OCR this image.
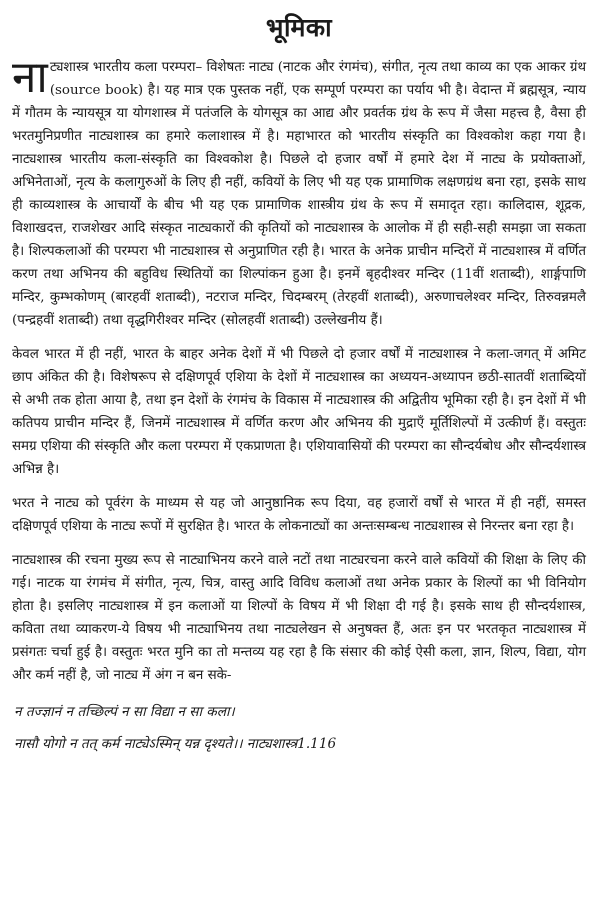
भूमिका

नाट्यशास्त्र भारतीय कला परम्परा– विशेषतः नाट्य (नाटक और रंगमंच), संगीत, नृत्य तथा काव्य का एक आकर ग्रंथ (source book) है। यह मात्र एक पुस्तक नहीं, एक सम्पूर्ण परम्परा का पर्याय भी है। वेदान्त में ब्रह्मसूत्र, न्याय में गौतम के न्यायसूत्र या योगशास्त्र में पतंजलि के योगसूत्र का आद्य और प्रवर्तक ग्रंथ के रूप में जैसा महत्त्व है, वैसा ही भरतमुनिप्रणीत नाट्यशास्त्र का हमारे कलाशास्त्र में है। महाभारत को भारतीय संस्कृति का विश्वकोश कहा गया है। नाट्यशास्त्र भारतीय कला-संस्कृति का विश्वकोश है। पिछले दो हजार वर्षों में हमारे देश में नाट्य के प्रयोक्ताओं, अभिनेताओं, नृत्य के कलागुरुओं के लिए ही नहीं, कवियों के लिए भी यह एक प्रामाणिक लक्षणग्रंथ बना रहा, इसके साथ ही काव्यशास्त्र के आचार्यों के बीच भी यह एक प्रामाणिक शास्त्रीय ग्रंथ के रूप में समादृत रहा। कालिदास, शूद्रक, विशाखदत्त, राजशेखर आदि संस्कृत नाट्यकारों की कृतियों को नाट्यशास्त्र के आलोक में ही सही-सही समझा जा सकता है। शिल्पकलाओं की परम्परा भी नाट्यशास्त्र से अनुप्राणित रही है। भारत के अनेक प्राचीन मन्दिरों में नाट्यशास्त्र में वर्णित करण तथा अभिनय की बहुविध स्थितियों का शिल्पांकन हुआ है। इनमें बृहदीश्वर मन्दिर (11वीं शताब्दी), शार्ङ्गपाणि मन्दिर, कुम्भकोणम् (बारहवीं शताब्दी), नटराज मन्दिर, चिदम्बरम् (तेरहवीं शताब्दी), अरुणाचलेश्वर मन्दिर, तिरुवन्नमलै (पन्द्रहवीं शताब्दी) तथा वृद्धगिरीश्वर मन्दिर (सोलहवीं शताब्दी) उल्लेखनीय हैं।

केवल भारत में ही नहीं, भारत के बाहर अनेक देशों में भी पिछले दो हजार वर्षों में नाट्यशास्त्र ने कला-जगत् में अमिट छाप अंकित की है। विशेषरूप से दक्षिणपूर्व एशिया के देशों में नाट्यशास्त्र का अध्ययन-अध्यापन छठी-सातवीं शताब्दियों से अभी तक होता आया है, तथा इन देशों के रंगमंच के विकास में नाट्यशास्त्र की अद्वितीय भूमिका रही है। इन देशों में भी कतिपय प्राचीन मन्दिर हैं, जिनमें नाट्यशास्त्र में वर्णित करण और अभिनय की मुद्राएँ मूर्तिशिल्पों में उत्कीर्ण हैं। वस्तुतः समग्र एशिया की संस्कृति और कला परम्परा में एकप्राणता है। एशियावासियों की परम्परा का सौन्दर्यबोध और सौन्दर्यशास्त्र अभिन्न है।

भरत ने नाट्य को पूर्वरंग के माध्यम से यह जो आनुष्ठानिक रूप दिया, वह हजारों वर्षों से भारत में ही नहीं, समस्त दक्षिणपूर्व एशिया के नाट्य रूपों में सुरक्षित है। भारत के लोकनाट्यों का अन्तःसम्बन्ध नाट्यशास्त्र से निरन्तर बना रहा है।

नाट्यशास्त्र की रचना मुख्य रूप से नाट्याभिनय करने वाले नटों तथा नाट्यरचना करने वाले कवियों की शिक्षा के लिए की गई। नाटक या रंगमंच में संगीत, नृत्य, चित्र, वास्तु आदि विविध कलाओं तथा अनेक प्रकार के शिल्पों का भी विनियोग होता है। इसलिए नाट्यशास्त्र में इन कलाओं या शिल्पों के विषय में भी शिक्षा दी गई है। इसके साथ ही सौन्दर्यशास्त्र, कविता तथा व्याकरण-ये विषय भी नाट्याभिनय तथा नाट्यलेखन से अनुषक्त हैं, अतः इन पर भरतकृत नाट्यशास्त्र में प्रसंगतः चर्चा हुई है। वस्तुतः भरत मुनि का तो मन्तव्य यह रहा है कि संसार की कोई ऐसी कला, ज्ञान, शिल्प, विद्या, योग और कर्म नहीं है, जो नाट्य में अंग न बन सके-

न तज्ज्ञानं न तच्छिल्पं न सा विद्या न सा कला।
नासौ योगो न तत् कर्म नाट्येऽस्मिन् यन्न दृश्यते।। नाट्यशास्त्र1.116
